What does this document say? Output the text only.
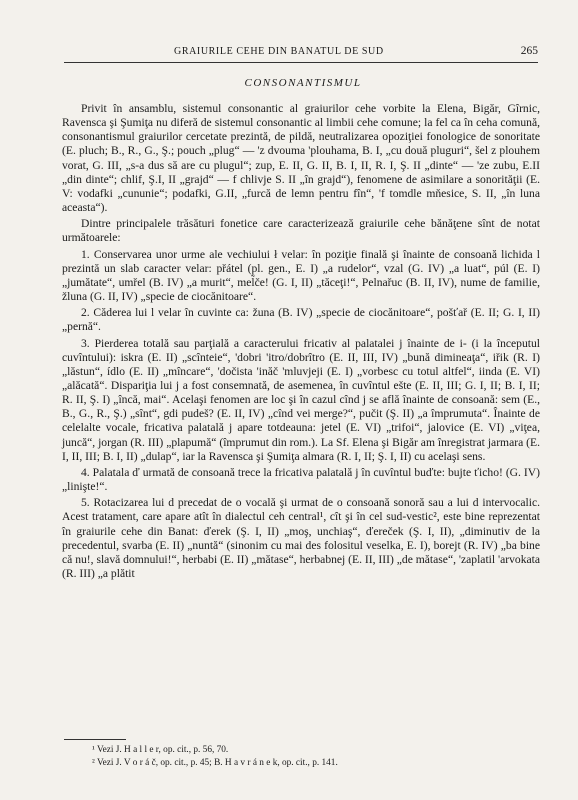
GRAIURILE CEHE DIN BANATUL DE SUD	265
CONSONANTISMUL

Privit în ansamblu, sistemul consonantic al graiurilor cehe vorbite la Elena, Bigăr, Gîrnic, Ravensca şi Şumiţa nu diferă de sistemul consonantic al limbii cehe comune; la fel ca în ceha comună, consonantismul graiurilor cercetate prezintă, de pildă, neutralizarea opoziţiei fonologice de sonoritate (E. pluch; B., R., G., Ş.; pouch „plug“ — 'z dvouma 'plouhama, B. I, „cu două pluguri“, šel z plouhem vorat, G. III, „s-a dus să are cu plugul“; zup, E. II, G. II, B. I, II, R. I, Ş. II „dinte“ — 'ze zubu, E.II „din dinte“; chlif, Ş.I, II „grajd“ — f chlivje S. II „în grajd“), fenomene de asimilare a sonorităţii (E. V: vodafki „cununie“; podafki, G.II, „furcă de lemn pentru fîn“, 'f tomdle mňesice, S. II, „în luna aceasta“).

Dintre principalele trăsături fonetice care caracterizează graiurile cehe bănăţene sînt de notat următoarele:

1. Conservarea unor urme ale vechiului ł velar: în poziţie finală şi înainte de consoană lichida l prezintă un slab caracter velar: přátel (pl. gen., E. I) „a rudelor“, vzal (G. IV) „a luat“, púl (E. I) „jumătate“, umřel (B. IV) „a murit“, mel̃če! (G. I, II) „tăceţi!“, Pelnařuc (B. II, IV), nume de familie, žluna (G. II, IV) „specie de ciocănitoare“.

2. Căderea lui l velar în cuvinte ca: žuna (B. IV) „specie de ciocănitoare“, pošťař (E. II; G. I, II) „pernă“.

3. Pierderea totală sau parţială a caracterului fricativ al palatalei j înainte de i- (i la începutul cuvîntului): iskra (E. II) „scînteie“, 'dobri 'itro/dobrîtro (E. II, III, IV) „bună dimineaţa“, iřik (R. I) „lăstun“, ídlo (E. II) „mîncare“, 'dočista 'inăč 'mluvjeji (E. I) „vorbesc cu totul altfel“, iinda (E. VI) „alăcată“. Dispariţia lui j a fost consemnată, de asemenea, în cuvîntul ešte (E. II, III; G. I, II; B. I, II; R. II, Ş. I) „încă, mai“. Acelaşi fenomen are loc şi în cazul cînd j se află înainte de consoană: sem (E., B., G., R., Ş.) „sînt“, gdi pudeš? (E. II, IV) „cînd vei merge?“, pučit (Ş. II) „a împrumuta“. Înainte de celelalte vocale, fricativa palatală j apare totdeauna: jetel (E. VI) „trifoi“, jalovice (E. VI) „viţea, juncă“, jorgan (R. III) „plapumă“ (împrumut din rom.). La Sf. Elena şi Bigăr am înregistrat jarmara (E. I, II, III; B. I, II) „dulap“, iar la Ravensca şi Şumiţa almara (R. I, II; Ş. I, II) cu acelaşi sens.

4. Palatala ď urmată de consoană trece la fricativa palatală j în cuvîntul buďte: bujte ťicho! (G. IV) „linişte!“.

5. Rotacizarea lui d precedat de o vocală şi urmat de o consoană sonoră sau a lui d intervocalic. Acest tratament, care apare atît în dialectul ceh central¹, cît şi în cel sud-vestic², este bine reprezentat în graiurile cehe din Banat: ďerek (Ş. I, II) „moş, unchiaş“, ďereček (Ş. I, II), „diminutiv de la precedentul, svarba (E. II) „nuntă“ (sinonim cu mai des folositul veselka, E. I), borejt (R. IV) „ba bine că nu!, slavă domnului!“, herbabi (E. II) „mătase“, herbabnej (E. II, III) „de mătase“, 'zaplatil 'arvokata (R. III) „a plătit

¹ Vezi J. H a l l e r, op. cit., p. 56, 70.
² Vezi J. V o r á č, op. cit., p. 45; B. H a v r á n e k, op. cit., p. 141.
